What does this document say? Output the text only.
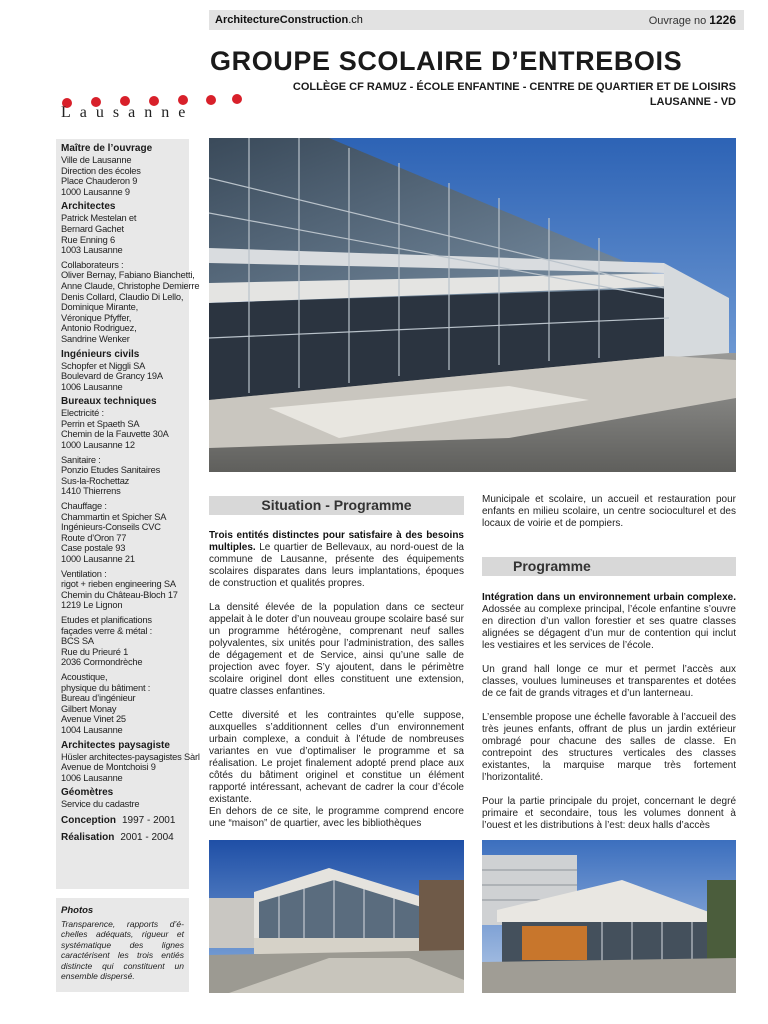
ArchitectureConstruction.ch	Ouvrage no 1226
GROUPE SCOLAIRE D’ENTREBOIS
COLLÈGE CF RAMUZ - ÉCOLE ENFANTINE - CENTRE DE QUARTIER ET DE LOISIRS
LAUSANNE - VD
Lausanne
Maître de l’ouvrage
Ville de Lausanne
Direction des écoles
Place Chauderon 9
1000 Lausanne 9
Architectes
Patrick Mestelan et
Bernard Gachet
Rue Enning 6
1003 Lausanne
Collaborateurs :
Oliver Bernay, Fabiano Bianchetti,
Anne Claude, Christophe Demierre
Denis Collard, Claudio Di Lello,
Dominique Mirante,
Véronique Pfyffer,
Antonio Rodriguez,
Sandrine Wenker
Ingénieurs civils
Schopfer et Niggli SA
Boulevard de Grancy 19A
1006 Lausanne
Bureaux techniques
Electricité :
Perrin et Spaeth SA
Chemin de la Fauvette 30A
1000 Lausanne 12
Sanitaire :
Ponzio Etudes Sanitaires
Sus-la-Rochettaz
1410 Thierrens
Chauffage :
Chammartin et Spicher SA
Ingénieurs-Conseils CVC
Route d’Oron 77
Case postale 93
1000 Lausanne 21
Ventilation :
rigot + rieben engineering SA
Chemin du Château-Bloch 17
1219 Le Lignon
Etudes et planifications
façades verre & métal :
BCS SA
Rue du Prieuré 1
2036 Cormondrèche
Acoustique,
physique du bâtiment :
Bureau d’ingénieur
Gilbert Monay
Avenue Vinet 25
1004 Lausanne
Architectes paysagiste
Hüsler architectes-paysagistes Sàrl
Avenue de Montchoisi 9
1006 Lausanne
Géomètres
Service du cadastre
Conception 1997 - 2001
Réalisation 2001 - 2004
Photos
Transparence, rapports d’échelles adéquats, rigueur et systématique des lignes caractérisent les trois entiés distincte qui constituent un ensemble dispersé.
Situation - Programme

Trois entités distinctes pour satisfaire à des besoins multiples. Le quartier de Bellevaux, au nord-ouest de la commune de Lausanne, présente des équipements scolaires disparates dans leurs implantations, époques de construction et qualités propres.

La densité élevée de la population dans ce secteur appelait à le doter d’un nouveau groupe scolaire basé sur un programme hétérogène, comprenant neuf salles polyvalentes, six unités pour l’administration, des salles de dégagement et de Service, ainsi qu’une salle de projection avec foyer. S’y ajoutent, dans le périmètre scolaire originel dont elles constituent une extension, quatre classes enfantines.

Cette diversité et les contraintes qu’elle suppose, auxquelles s’additionnent celles d’un environnement urbain complexe, a conduit à l’étude de nombreuses variantes en vue d’optimaliser le programme et sa réalisation. Le projet finalement adopté prend place aux côtés du bâtiment originel et constitue un élément rapporté intéressant, achevant de cadrer la cour d’école existante.

En dehors de ce site, le programme comprend encore une “maison” de quartier, avec les bibliothèques

Municipale et scolaire, un accueil et restauration pour enfants en milieu scolaire, un centre socioculturel et des locaux de voirie et de pompiers.

Programme

Intégration dans un environnement urbain complexe. Adossée au complexe principal, l’école enfantine s’ouvre en direction d’un vallon forestier et ses quatre classes alignées se dégagent d’un mur de contention qui inclut les vestiaires et les services de l’école.

Un grand hall longe ce mur et permet l’accès aux classes, voulues lumineuses et transparentes et dotées de ce fait de grands vitrages et d’un lanterneau.

L’ensemble propose une échelle favorable à l’accueil des très jeunes enfants, offrant de plus un jardin extérieur ombragé pour chacune des salles de classe. En contrepoint des structures verticales des classes existantes, la marquise marque très fortement l’horizontalité.

Pour la partie principale du projet, concernant le degré primaire et secondaire, tous les volumes donnent à l’ouest et les distributions à l’est: deux halls d’accès
